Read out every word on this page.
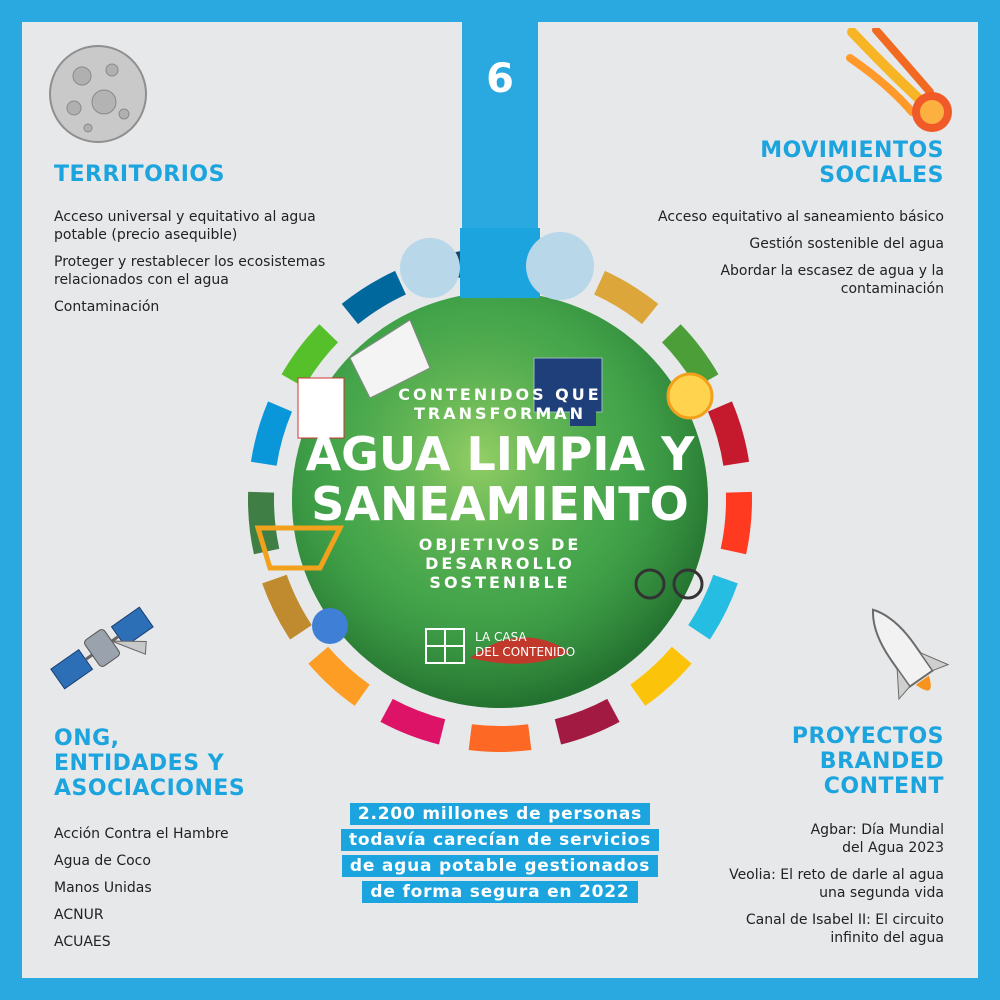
6
TERRITORIOS
Acceso universal y equitativo al agua potable (precio asequible)
Proteger y restablecer los ecosistemas relacionados con el agua
Contaminación
MOVIMIENTOS
SOCIALES
Acceso equitativo al saneamiento básico
Gestión sostenible del agua
Abordar la escasez de agua y la contaminación
CONTENIDOS QUE
TRANSFORMAN
AGUA LIMPIA Y
SANEAMIENTO
OBJETIVOS DE
DESARROLLO
SOSTENIBLE
LA CASA
DEL CONTENIDO
ONG,
ENTIDADES Y
ASOCIACIONES
Acción Contra el Hambre
Agua de Coco
Manos Unidas
ACNUR
ACUAES
2.200 millones de personas
todavía carecían de servicios
de agua potable gestionados
de forma segura en 2022
PROYECTOS
BRANDED
CONTENT
Agbar: Día Mundial del Agua 2023
Veolia: El reto de darle al agua una segunda vida
Canal de Isabel II: El circuito infinito del agua
